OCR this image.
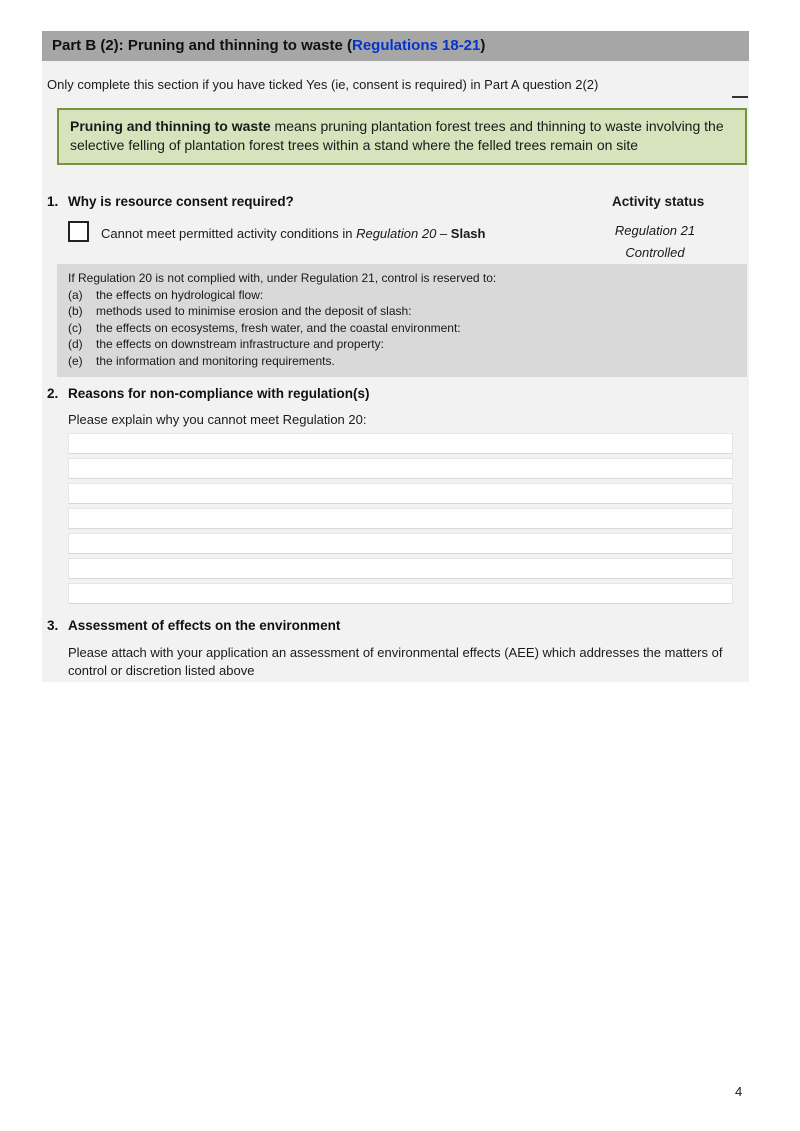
Part B (2): Pruning and thinning to waste (Regulations 18-21)
Only complete this section if you have ticked Yes (ie, consent is required) in Part A question 2(2)
Pruning and thinning to waste means pruning plantation forest trees and thinning to waste involving the selective felling of plantation forest trees within a stand where the felled trees remain on site
1. Why is resource consent required?	Activity status
Cannot meet permitted activity conditions in Regulation 20 – Slash	Regulation 21
Controlled
If Regulation 20 is not complied with, under Regulation 21, control is reserved to:
(a)	the effects on hydrological flow:
(b)	methods used to minimise erosion and the deposit of slash:
(c)	the effects on ecosystems, fresh water, and the coastal environment:
(d)	the effects on downstream infrastructure and property:
(e)	the information and monitoring requirements.
2. Reasons for non-compliance with regulation(s)
Please explain why you cannot meet Regulation 20:
3. Assessment of effects on the environment
Please attach with your application an assessment of environmental effects (AEE) which addresses the matters of control or discretion listed above
4
